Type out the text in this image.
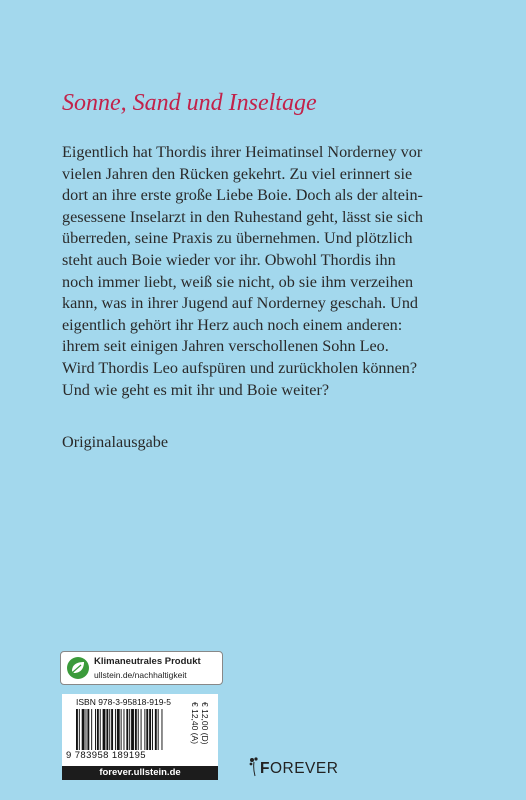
Sonne, Sand und Inseltage
Eigentlich hat Thordis ihrer Heimatinsel Norderney vor
vielen Jahren den Rücken gekehrt. Zu viel erinnert sie
dort an ihre erste große Liebe Boie. Doch als der altein-
gesessene Inselarzt in den Ruhestand geht, lässt sie sich
überreden, seine Praxis zu übernehmen. Und plötzlich
steht auch Boie wieder vor ihr. Obwohl Thordis ihn
noch immer liebt, weiß sie nicht, ob sie ihm verzeihen
kann, was in ihrer Jugend auf Norderney geschah. Und
eigentlich gehört ihr Herz auch noch einem anderen:
ihrem seit einigen Jahren verschollenen Sohn Leo.
Wird Thordis Leo aufspüren und zurückholen können?
Und wie geht es mit ihr und Boie weiter?
Originalausgabe
Klimaneutrales Produkt
ullstein.de/nachhaltigkeit
ISBN 978-3-95818-919-5
9 783958 189195
€ 12,00 (D)
€ 12,40 (A)
forever.ullstein.de	FOREVER
